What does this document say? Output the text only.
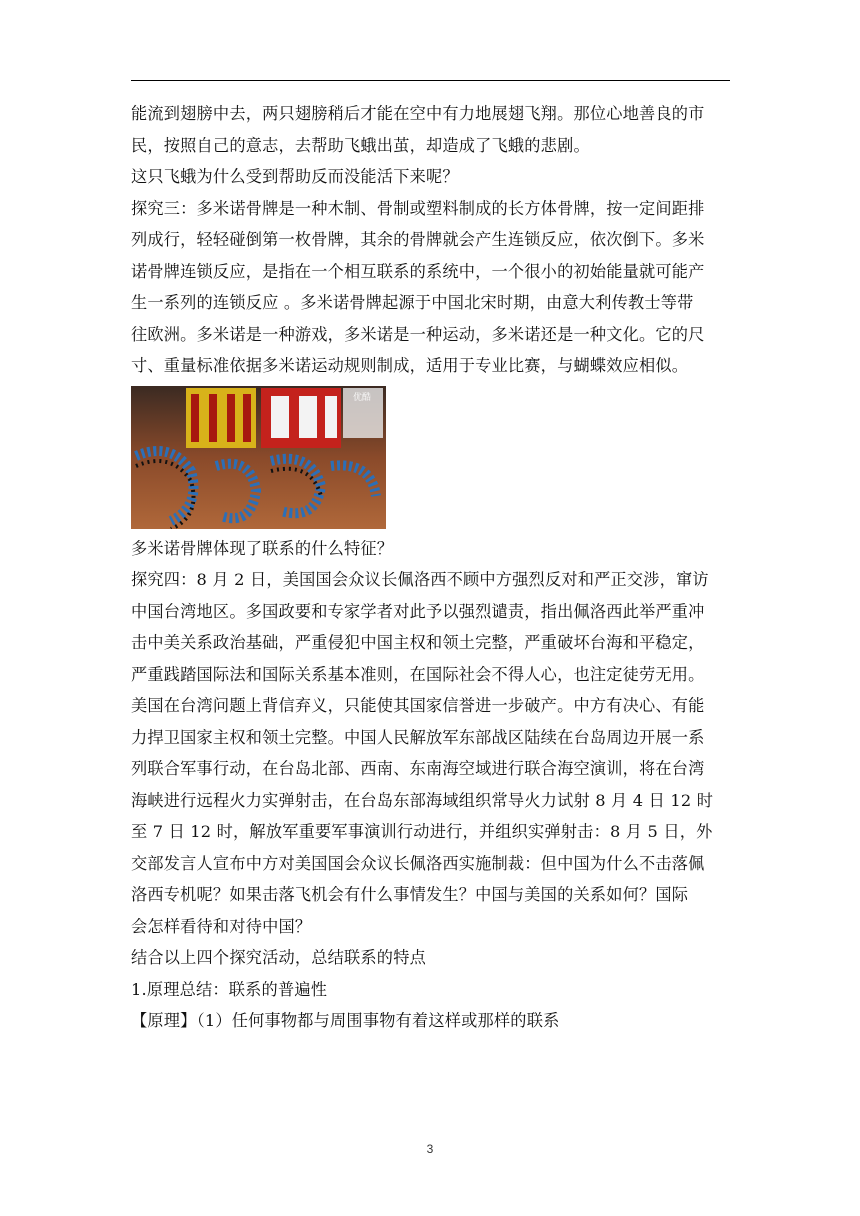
能流到翅膀中去，两只翅膀稍后才能在空中有力地展翅飞翔。那位心地善良的市

民，按照自己的意志，去帮助飞蛾出茧，却造成了飞蛾的悲剧。

这只飞蛾为什么受到帮助反而没能活下来呢？

探究三：多米诺骨牌是一种木制、骨制或塑料制成的长方体骨牌，按一定间距排

列成行，轻轻碰倒第一枚骨牌，其余的骨牌就会产生连锁反应，依次倒下。多米

诺骨牌连锁反应，是指在一个相互联系的系统中，一个很小的初始能量就可能产

生一系列的连锁反应 。多米诺骨牌起源于中国北宋时期，由意大利传教士等带

往欧洲。多米诺是一种游戏，多米诺是一种运动，多米诺还是一种文化。它的尺

寸、重量标准依据多米诺运动规则制成，适用于专业比赛，与蝴蝶效应相似。

优酷

多米诺骨牌体现了联系的什么特征？

探究四：8 月 2 日，美国国会众议长佩洛西不顾中方强烈反对和严正交涉，窜访

中国台湾地区。多国政要和专家学者对此予以强烈谴责，指出佩洛西此举严重冲

击中美关系政治基础，严重侵犯中国主权和领土完整，严重破坏台海和平稳定，

严重践踏国际法和国际关系基本准则，在国际社会不得人心，也注定徒劳无用。

美国在台湾问题上背信弃义，只能使其国家信誉进一步破产。中方有决心、有能

力捍卫国家主权和领土完整。中国人民解放军东部战区陆续在台岛周边开展一系

列联合军事行动，在台岛北部、西南、东南海空域进行联合海空演训，将在台湾

海峡进行远程火力实弹射击，在台岛东部海域组织常导火力试射 8 月 4 日 12 时

至 7 日 12 时，解放军重要军事演训行动进行，并组织实弹射击：8 月 5 日，外

交部发言人宣布中方对美国国会众议长佩洛西实施制裁：但中国为什么不击落佩

洛西专机呢？如果击落飞机会有什么事情发生？中国与美国的关系如何？国际

会怎样看待和对待中国？

结合以上四个探究活动，总结联系的特点

1.原理总结：联系的普遍性

【原理】（1）任何事物都与周围事物有着这样或那样的联系

3
